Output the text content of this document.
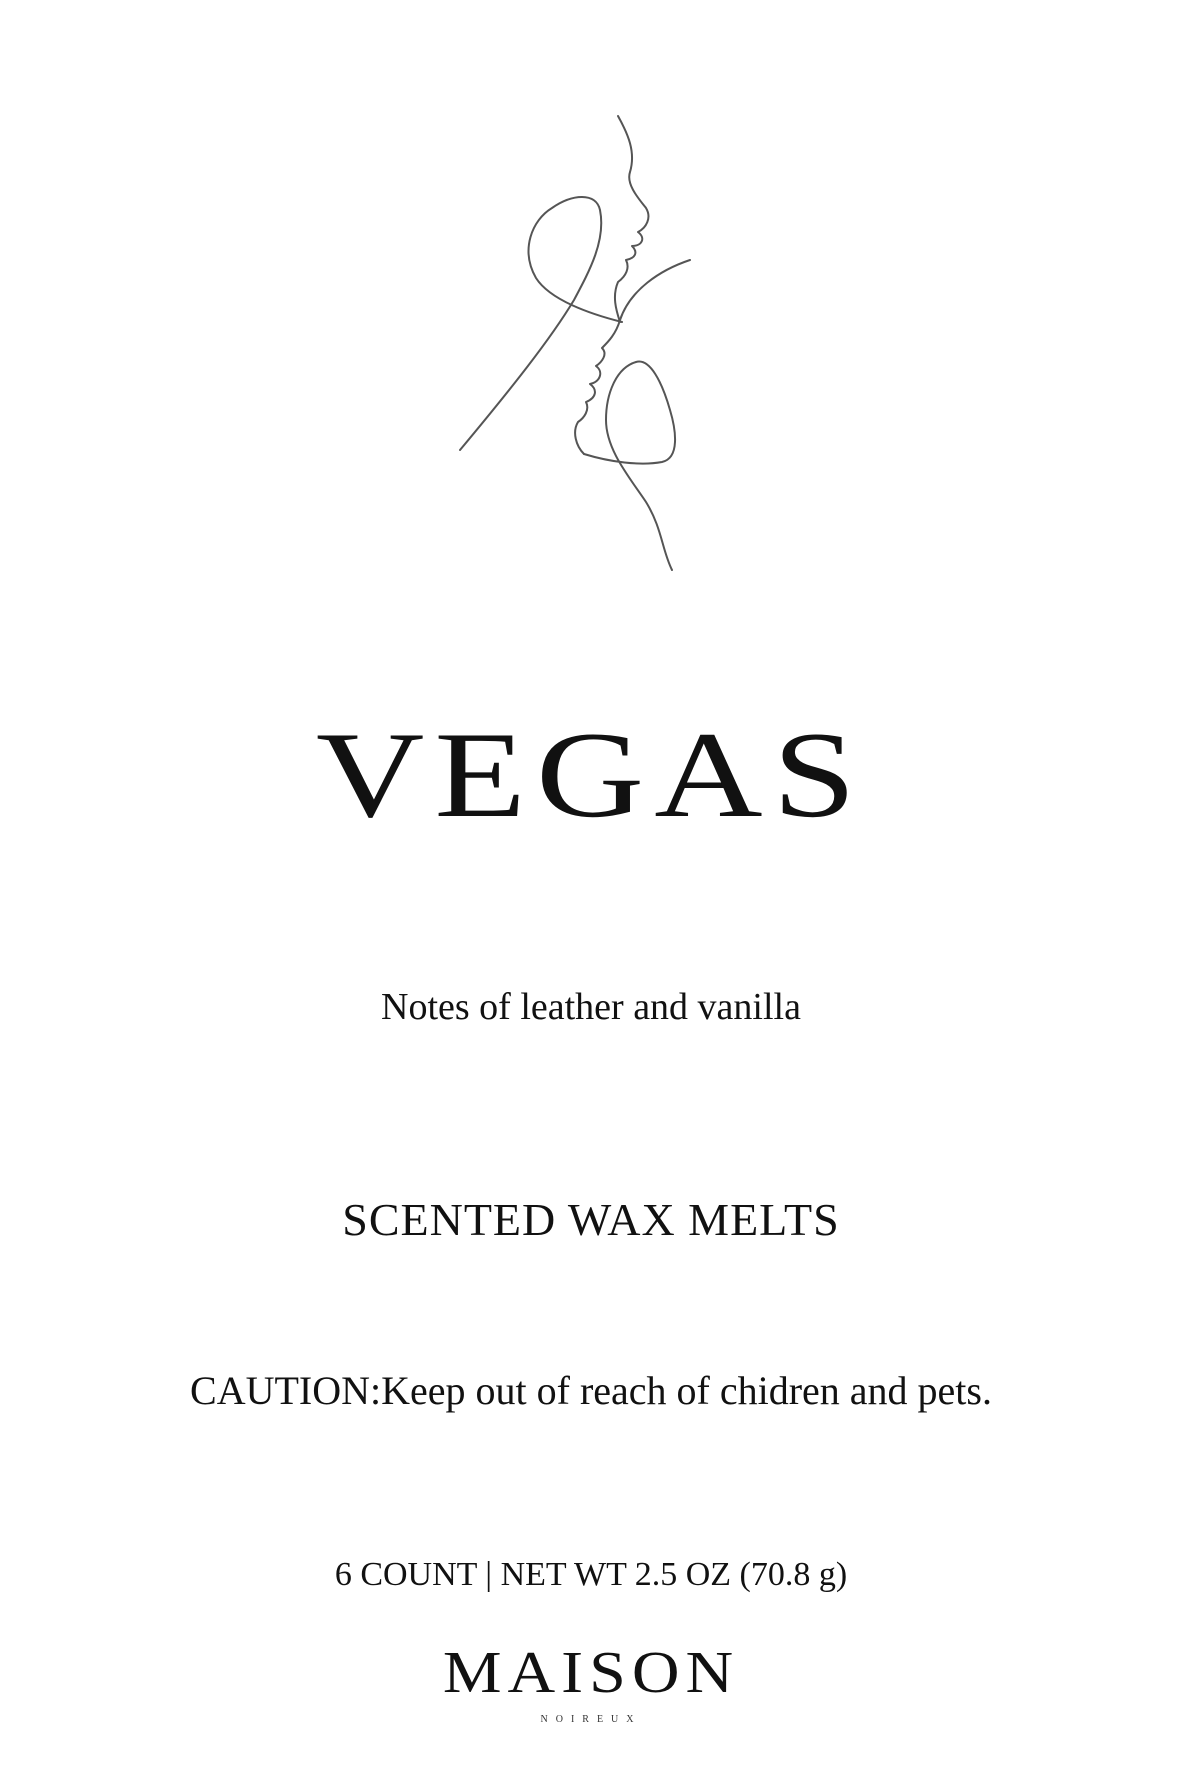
VEGAS

Notes of leather and vanilla

SCENTED WAX MELTS

CAUTION:Keep out of reach of chidren and pets.

6 COUNT | NET WT 2.5 OZ (70.8 g)

MAISON

NOIREUX
